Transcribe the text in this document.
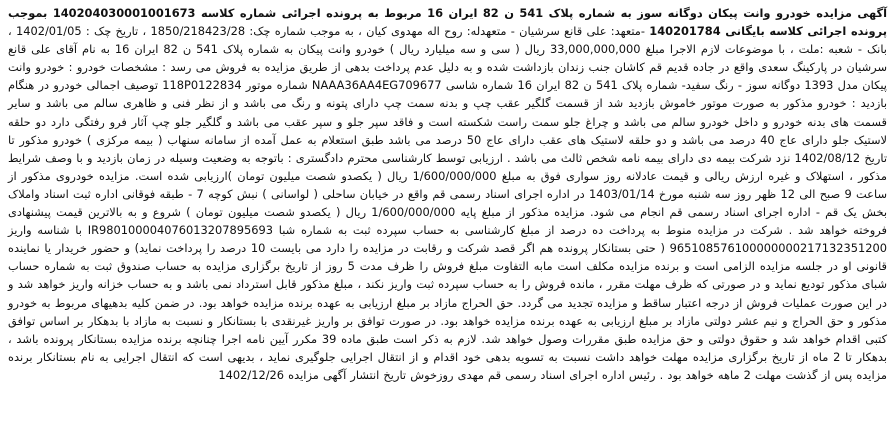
آگهی مزایده خودرو وانت پیکان دوگانه سوز به شماره پلاک 541 ن 82 ایران 16 مربوط به پرونده اجرائی شماره کلاسه 140204030001001673 بموجب پرونده اجرائی کلاسه بایگانی 140201784 -متعهد: علی قانع سرشیان - متعهدله: روح اله مهدوی کیان ، به موجب شماره چک: 1850/218423/28 ، تاریخ چک : 1402/01/05 ، بانک - شعبه :ملت ، با موضوعات لازم الاجرا مبلغ 33,000,000,000 ریال ( سی و سه میلیارد ریال ) خودرو وانت پیکان به شماره پلاک 541 ن 82 ایران 16 به نام آقای علی قانع سرشیان در پارکینگ سعدی واقع در جاده قدیم قم کاشان جنب زندان بازداشت شده و به دلیل عدم پرداخت بدهی از طریق مزایده به فروش می رسد : مشخصات خودرو : خودرو وانت پیکان مدل 1393 دوگانه سوز - رنگ سفید- شماره پلاک 541 ن 82 ایران 16 شماره شاسی NAAA36AA4EG709677 شماره موتور 118P0122834 توصیف اجمالی خودرو در هنگام بازدید : خودرو مذکور به صورت موتور خاموش بازدید شد از قسمت گلگیر عقب چپ و بدنه سمت چپ دارای پتونه و رنگ می باشد و از نظر فنی و ظاهری سالم می باشد و سایر قسمت های بدنه خودرو و داخل خودرو سالم می باشد و چراغ جلو سمت راست شکسته است و فاقد سپر جلو و سپر عقب می باشد و گلگیر جلو چپ آثار فرو رفتگی دارد دو حلقه لاستیک جلو دارای عاج 40 درصد می باشد و دو حلقه لاستیک های عقب دارای عاج 50 درصد می باشد طبق استعلام به عمل آمده از سامانه سنهاب ( بیمه مرکزی ) خودرو مذکور تا تاریخ 1402/08/12 نزد شرکت بیمه دی دارای بیمه نامه شخص ثالث می باشد . ارزیابی توسط کارشناسی محترم دادگستری : باتوجه به وضعیت وسیله در زمان بازدید و با وصف شرایط مذکور ، استهلاک و غیره ارزش ریالی و قیمت عادلانه روز سواری فوق به مبلغ 1/600/000/000 ریال ( یکصدو شصت میلیون تومان )ارزیابی شده است. مزایده خودروی مذکور از ساعت 9 صبح الی 12 ظهر روز سه شنبه مورخ 1403/01/14 در اداره اجرای اسناد رسمی قم واقع در خیابان ساحلی ( لواسانی ) نبش کوچه 7 - طبقه فوقانی اداره ثبت اسناد واملاک بخش یک قم - اداره اجرای اسناد رسمی قم انجام می شود. مزایده مذکور از مبلغ پایه 1/600/000/000 ریال ( یکصدو شصت میلیون تومان ) شروع و به بالاترین قیمت پیشنهادی فروخته خواهد شد . شرکت در مزایده منوط به پرداخت ده درصد از مبلغ کارشناسی به حساب سپرده ثبت به شماره شبا IR980100004076013207895693 با شناسه واریز 965108576100000000217132351200 ( حتی بستانکار پرونده هم اگر قصد شرکت و رقابت در مزایده را دارد می بایست 10 درصد را پرداخت نماید) و حضور خریدار یا نماینده قانونی او در جلسه مزایده الزامی است و برنده مزایده مکلف است مابه التفاوت مبلغ فروش را ظرف مدت 5 روز از تاریخ برگزاری مزایده به حساب صندوق ثبت به شماره حساب شبای مذکور تودیع نماید و در صورتی که ظرف مهلت مقرر ، مانده فروش را به حساب سپرده ثبت واریز نکند ، مبلغ مذکور قابل استرداد نمی باشد و به حساب خزانه واریز خواهد شد و در این صورت عملیات فروش از درجه اعتبار ساقط و مزایده تجدید می گردد. حق الحراج مازاد بر مبلغ ارزیابی به عهده برنده مزایده خواهد بود. در ضمن کلیه بدهیهای مربوط به خودرو مذکور و حق الحراج و نیم عشر دولتی مازاد بر مبلغ ارزیابی به عهده برنده مزایده خواهد بود. در صورت توافق بر واریز غیرنقدی با بستانکار و نسبت به مازاد با بدهکار بر اساس توافق کتبی اقدام خواهد شد و حقوق دولتی و حق مزایده طبق مقررات وصول خواهد شد. لازم به ذکر است طبق ماده 39 مکرر آیین نامه اجرا چنانچه برنده مزایده بستانکار پرونده باشد ، بدهکار تا 2 ماه از تاریخ برگزاری مزایده مهلت خواهد داشت نسبت به تسویه بدهی خود اقدام و از انتقال اجرایی جلوگیری نماید ، بدیهی است که انتقال اجرایی به نام بستانکار برنده مزایده پس از گذشت مهلت 2 ماهه خواهد بود . رئیس اداره اجرای اسناد رسمی قم مهدی روزخوش تاریخ انتشار آگهی مزایده 1402/12/26
